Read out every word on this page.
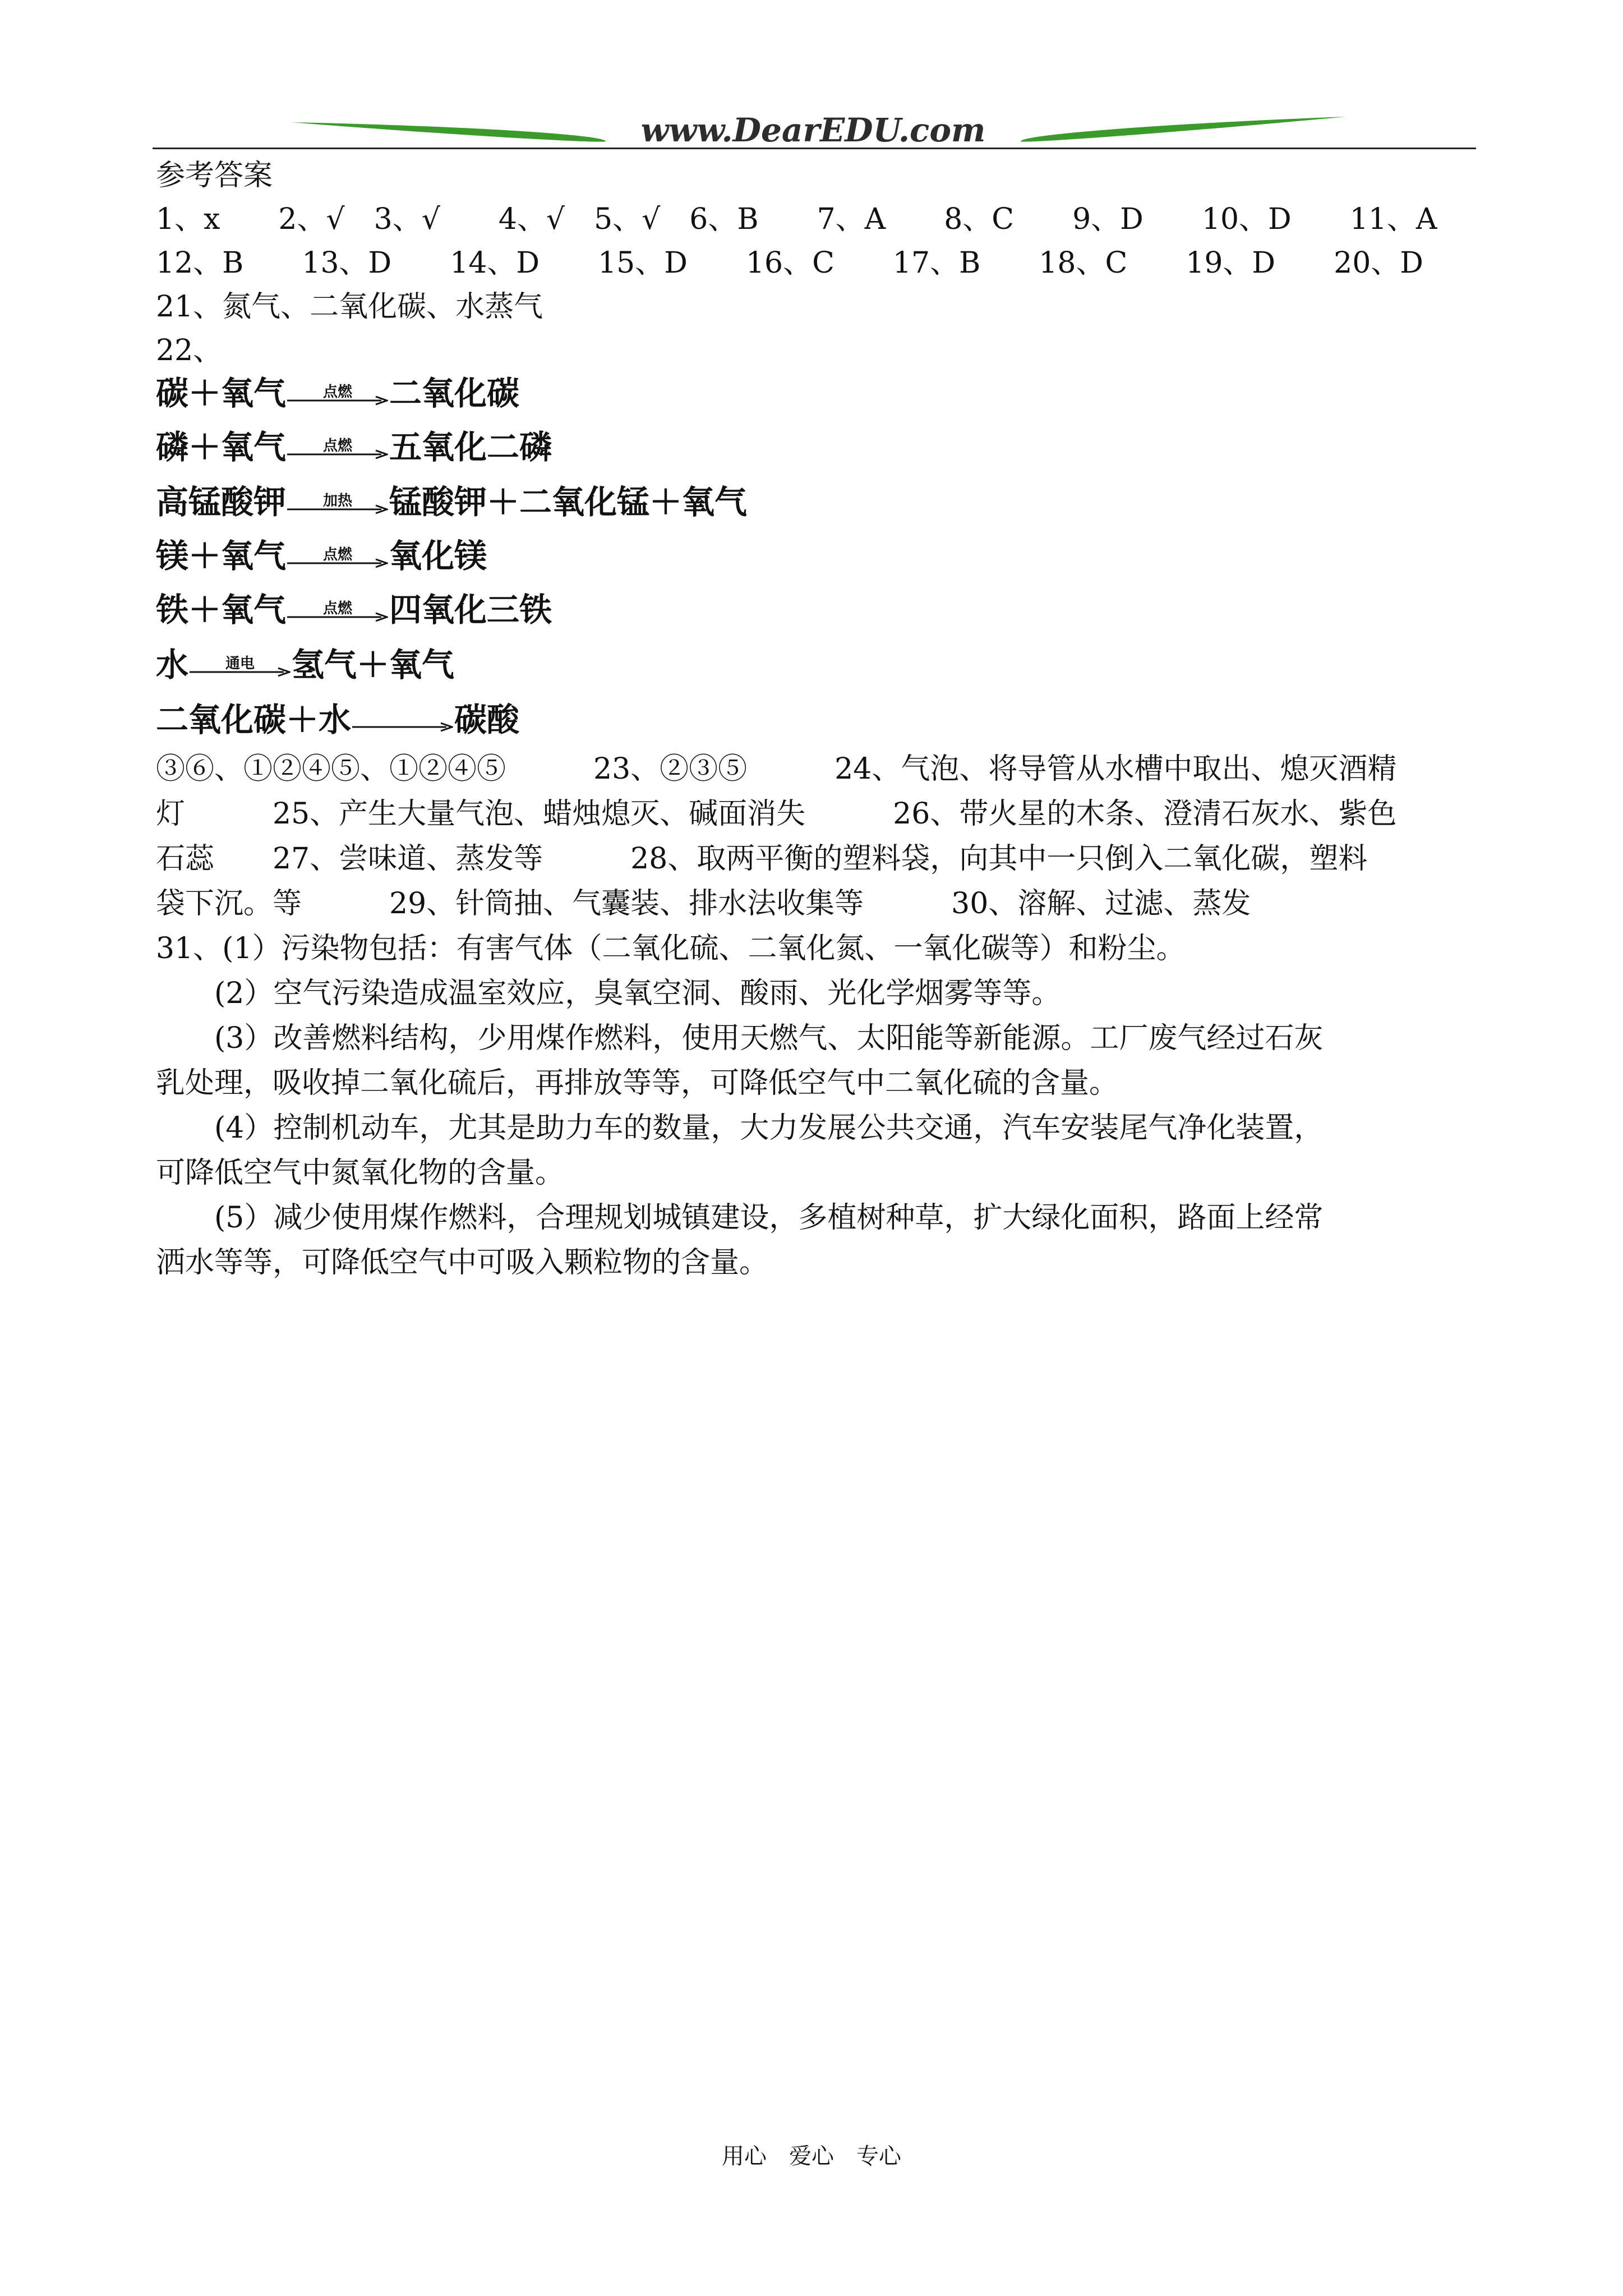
www.DearEDU.com
参考答案
1、x　　2、√　3、√　　4、√　5、√　6、B　　7、A　　8、C　　9、D　　10、D　　11、A
12、B　　13、D　　14、D　　15、D　　16、C　　17、B　　18、C　　19、D　　20、D
21、氮气、二氧化碳、水蒸气
22、
碳＋氧气	点燃	二氧化碳
磷＋氧气	点燃	五氧化二磷
高锰酸钾	加热	锰酸钾＋二氧化锰＋氧气
镁＋氧气	点燃	氧化镁
铁＋氧气	点燃	四氧化三铁
水	通电	氢气＋氧气
二氧化碳＋水 → 碳酸
③⑥、①②④⑤、①②④⑤　　　23、②③⑤　　　24、气泡、将导管从水槽中取出、熄灭酒精
灯　　　25、产生大量气泡、蜡烛熄灭、碱面消失　　　26、带火星的木条、澄清石灰水、紫色
石蕊　　27、尝味道、蒸发等　　　28、取两平衡的塑料袋，向其中一只倒入二氧化碳，塑料
袋下沉。等　　　29、针筒抽、气囊装、排水法收集等　　　30、溶解、过滤、蒸发
31、(1）污染物包括：有害气体（二氧化硫、二氧化氮、一氧化碳等）和粉尘。
　　(2）空气污染造成温室效应，臭氧空洞、酸雨、光化学烟雾等等。
　　(3）改善燃料结构，少用煤作燃料，使用天燃气、太阳能等新能源。工厂废气经过石灰
乳处理，吸收掉二氧化硫后，再排放等等，可降低空气中二氧化硫的含量。
　　(4）控制机动车，尤其是助力车的数量，大力发展公共交通，汽车安装尾气净化装置，
可降低空气中氮氧化物的含量。
　　(5）减少使用煤作燃料，合理规划城镇建设，多植树种草，扩大绿化面积，路面上经常
洒水等等，可降低空气中可吸入颗粒物的含量。
用心　爱心　专心
